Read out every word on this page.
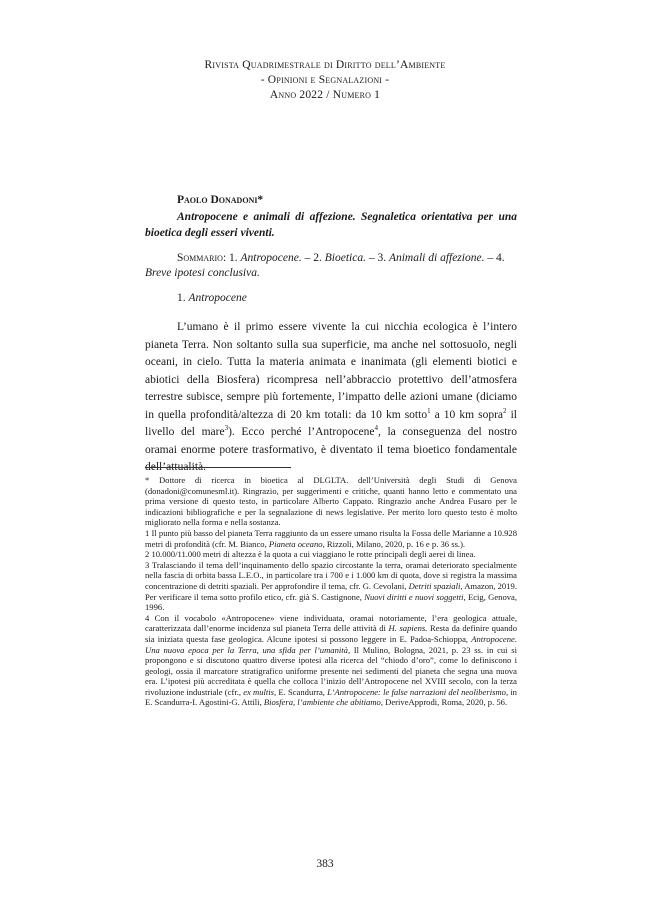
Rivista Quadrimestrale di Diritto dell’Ambiente
- Opinioni e Segnalazioni -
Anno 2022 / Numero 1
Paolo Donadoni*
Antropocene e animali di affezione. Segnaletica orientativa per una bioetica degli esseri viventi.
Sommario: 1. Antropocene. – 2. Bioetica. – 3. Animali di affezione. – 4. Breve ipotesi conclusiva.
1. Antropocene
L’umano è il primo essere vivente la cui nicchia ecologica è l’intero pianeta Terra. Non soltanto sulla sua superficie, ma anche nel sottosuolo, negli oceani, in cielo. Tutta la materia animata e inanimata (gli elementi biotici e abiotici della Biosfera) ricompresa nell’abbraccio protettivo dell’atmosfera terrestre subisce, sempre più fortemente, l’impatto delle azioni umane (diciamo in quella profondità/altezza di 20 km totali: da 10 km sotto$^1$ a 10 km sopra$^2$ il livello del mare$^3$). Ecco perché l’Antropocene$^4$, la conseguenza del nostro oramai enorme potere trasformativo, è diventato il tema bioetico fondamentale dell’attualità.
* Dottore di ricerca in bioetica al DLGLTA. dell’Università degli Studi di Genova (donadoni@comunesml.it). Ringrazio, per suggerimenti e critiche, quanti hanno letto e commentato una prima versione di questo testo, in particolare Alberto Cappato. Ringrazio anche Andrea Fusaro per le indicazioni bibliografiche e per la segnalazione di news legislative. Per merito loro questo testo è molto migliorato nella forma e nella sostanza.
1 Il punto più basso del pianeta Terra raggiunto da un essere umano risulta la Fossa delle Marianne a 10.928 metri di profondità (cfr. M. Bianco, Pianeta oceano, Rizzoli, Milano, 2020, p. 16 e p. 36 ss.).
2 10.000/11.000 metri di altezza è la quota a cui viaggiano le rotte principali degli aerei di linea.
3 Tralasciando il tema dell’inquinamento dello spazio circostante la terra, oramai deteriorato specialmente nella fascia di orbita bassa L.E.O., in particolare tra i 700 e i 1.000 km di quota, dove si registra la massima concentrazione di detriti spaziali. Per approfondire il tema, cfr. G. Cevolani, Detriti spaziali, Amazon, 2019. Per verificare il tema sotto profilo etico, cfr. già S. Castignone, Nuovi diritti e nuovi soggetti, Ecig, Genova, 1996.
4 Con il vocabolo «Antropocene» viene individuata, oramai notoriamente, l’era geologica attuale, caratterizzata dall’enorme incidenza sul pianeta Terra delle attività di H. sapiens. Resta da definire quando sia iniziata questa fase geologica. Alcune ipotesi si possono leggere in E. Padoa-Schioppa, Antropocene. Una nuova epoca per la Terra, una sfida per l’umanità, Il Mulino, Bologna, 2021, p. 23 ss. in cui si propongono e si discutono quattro diverse ipotesi alla ricerca del “chiodo d’oro”, come lo definiscono i geologi, ossia il marcatore stratigrafico uniforme presente nei sedimenti del pianeta che segna una nuova era. L’ipotesi più accreditata è quella che colloca l’inizio dell’Antropocene nel XVIII secolo, con la terza rivoluzione industriale (cfr., ex multis, E. Scandurra, L’Antropocene: le false narrazioni del neoliberismo, in E. Scandurra-I. Agostini-G. Attili, Biosfera, l’ambiente che abitiamo, DeriveApprodi, Roma, 2020, p. 56.
383
